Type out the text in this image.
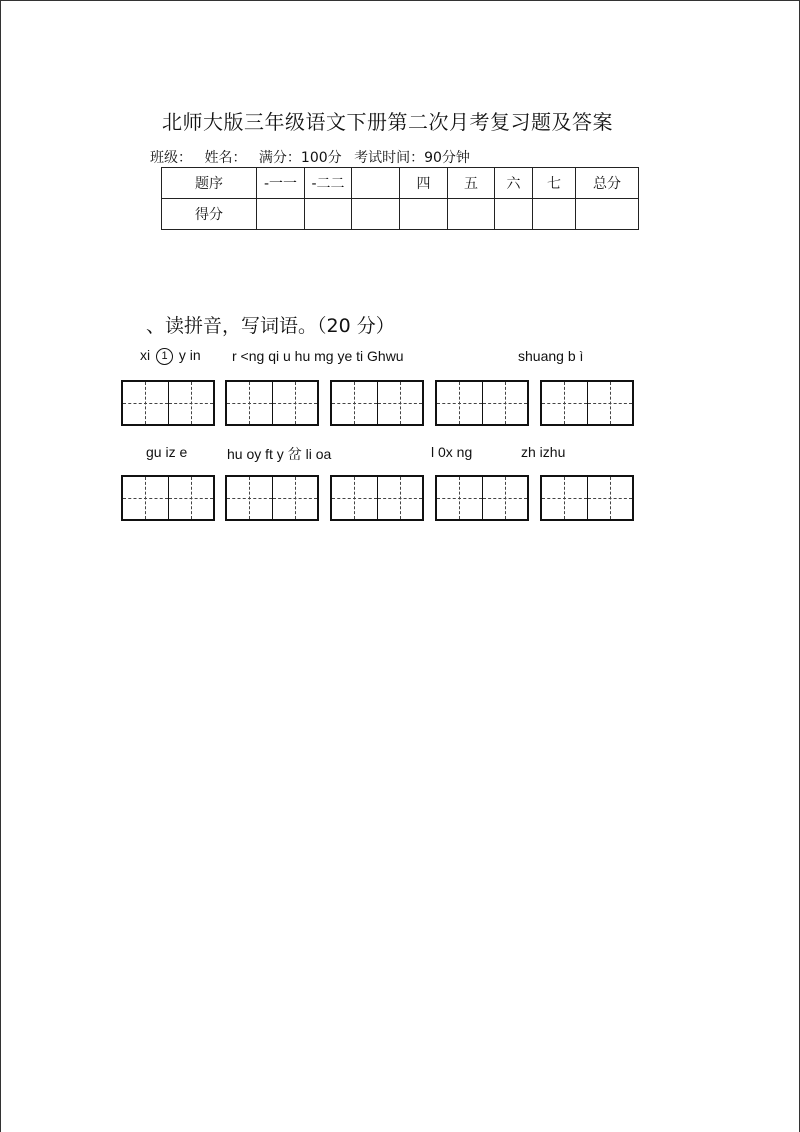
北师大版三年级语文下册第二次月考复习题及答案
班级： 姓名： 满分：100分 考试时间：90分钟
题序	-一一	-二二		四	五	六	七	总分
得分								
、读拼音，写词语。（20 分）
xi 1 y in r <ng qi u hu mg ye ti Ghwu	shuang b ì
gu iz e	hu oy ft y 岔 li oa	l 0x ng	zh izhu
